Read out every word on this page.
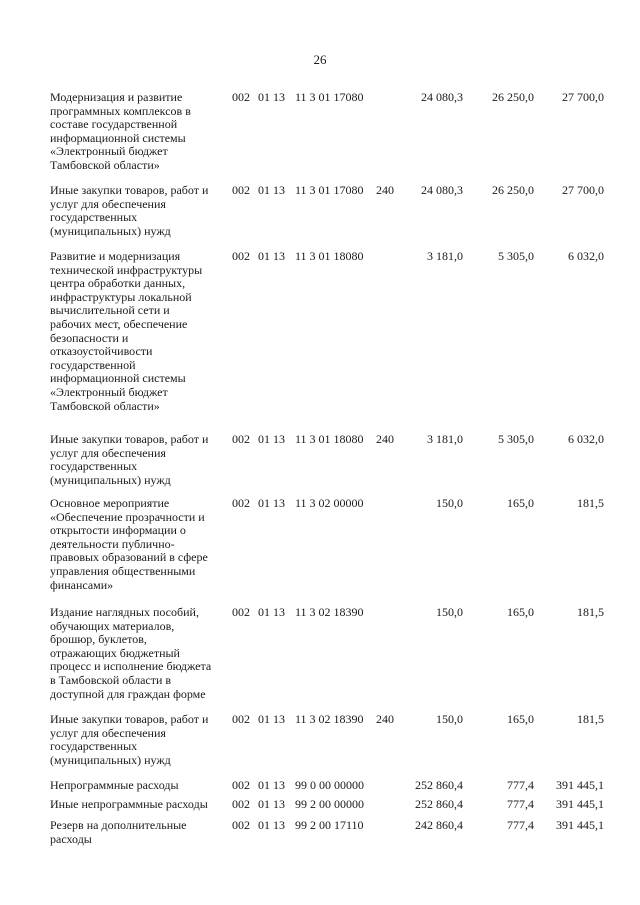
26
Модернизация и развитие
программных комплексов в
составе государственной
информационной системы
«Электронный бюджет
Тамбовской области»
002 01 13 11 3 01 17080	24 080,3	26 250,0	27 700,0
Иные закупки товаров, работ и
услуг для обеспечения
государственных
(муниципальных) нужд
002 01 13 11 3 01 17080 240	24 080,3	26 250,0	27 700,0
Развитие и модернизация
технической инфраструктуры
центра обработки данных,
инфраструктуры локальной
вычислительной сети и
рабочих мест, обеспечение
безопасности и
отказоустойчивости
государственной
информационной системы
«Электронный бюджет
Тамбовской области»
002 01 13 11 3 01 18080	3 181,0	5 305,0	6 032,0
Иные закупки товаров, работ и
услуг для обеспечения
государственных
(муниципальных) нужд
002 01 13 11 3 01 18080 240	3 181,0	5 305,0	6 032,0
Основное мероприятие
«Обеспечение прозрачности и
открытости информации о
деятельности публично-
правовых образований в сфере
управления общественными
финансами»
002 01 13 11 3 02 00000	150,0	165,0	181,5
Издание наглядных пособий,
обучающих материалов,
брошюр, буклетов,
отражающих бюджетный
процесс и исполнение бюджета
в Тамбовской области в
доступной для граждан форме
002 01 13 11 3 02 18390	150,0	165,0	181,5
Иные закупки товаров, работ и
услуг для обеспечения
государственных
(муниципальных) нужд
002 01 13 11 3 02 18390 240	150,0	165,0	181,5
Непрограммные расходы	002 01 13 99 0 00 00000	252 860,4	777,4	391 445,1
Иные непрограммные расходы	002 01 13 99 2 00 00000	252 860,4	777,4	391 445,1
Резерв на дополнительные
расходы
002 01 13 99 2 00 17110	242 860,4	777,4	391 445,1
